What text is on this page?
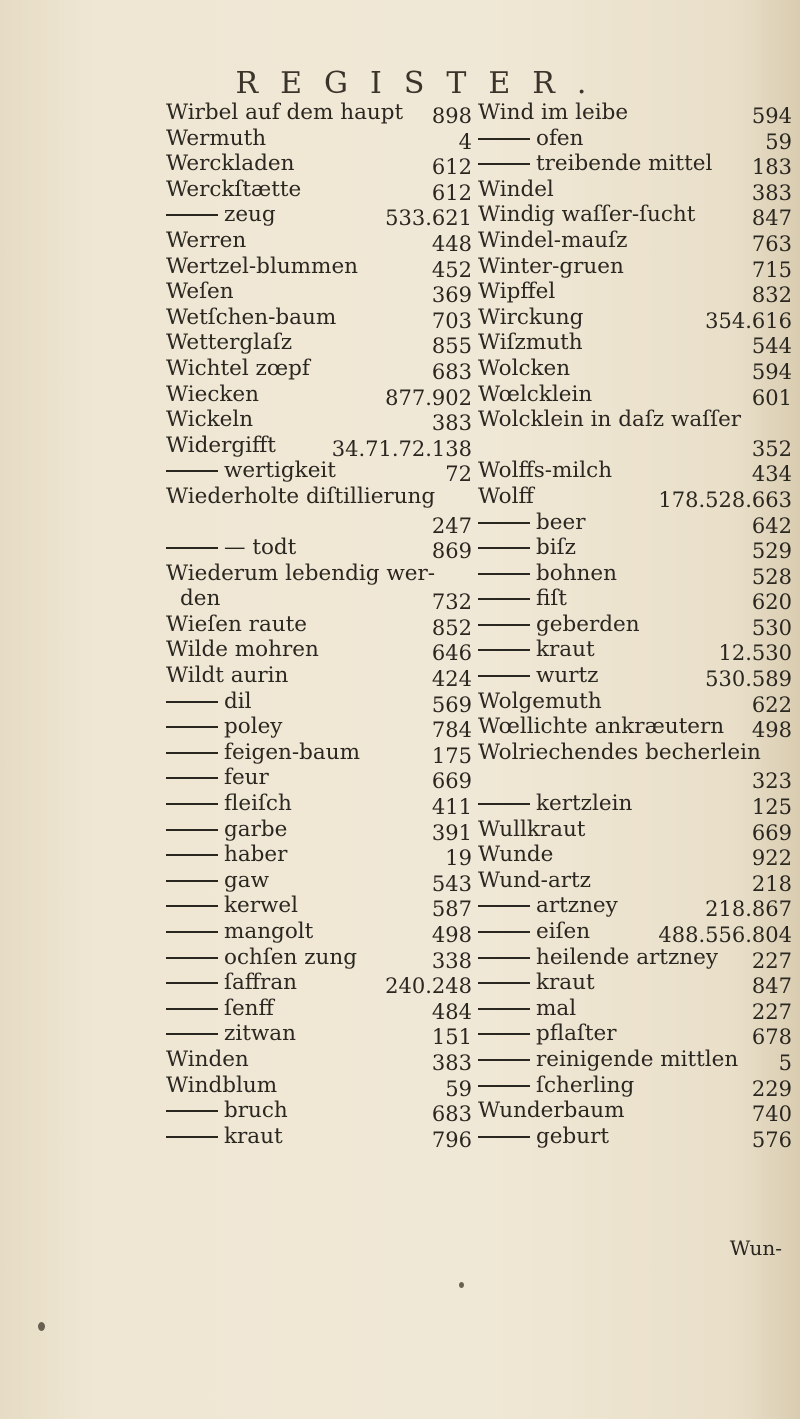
REGISTER.
Wirbel auf dem haupt 898
Wermuth	4
Werckladen	612
Werckſtætte	612
zeug	533.621
Werren	448
Wertzel-blummen	452
Weſen	369
Wetſchen-baum	703
Wetterglaſz	855
Wichtel zœpf	683
Wiecken	877.902
Wickeln	383
Widergifft	34.71.72.138
wertigkeit	72
Wiederholte diſtillierung
247
— todt	869
Wiederum lebendig wer-
den	732
Wieſen raute	852
Wilde mohren	646
Wildt aurin	424
dil	569
poley	784
feigen-baum	175
feur	669
fleiſch	411
garbe	391
haber	19
gaw	543
kerwel	587
mangolt	498
ochſen zung	338
ſaffran	240.248
ſenff	484
zitwan	151
Winden	383
Windblum	59
bruch	683
kraut	796
Wind im leibe	594
ofen	59
treibende mittel 183
Windel	383
Windig waſſer-ſucht	847
Windel-mauſz	763
Winter-gruen	715
Wipffel	832
Wirckung	354.616
Wiſzmuth	544
Wolcken	594
Wœlcklein	601
Wolcklein in daſz waſſer
352
Wolffs-milch	434
Wolff	178.528.663
beer	642
biſz	529
bohnen	528
fiſt	620
geberden	530
kraut	12.530
wurtz	530.589
Wolgemuth	622
Wœllichte ankræutern 498
Wolriechendes becherlein
323
kertzlein	125
Wullkraut	669
Wunde	922
Wund-artz	218
artzney	218.867
eiſen	488.556.804
heilende artzney 227
kraut	847
mal	227
pflaſter	678
reinigende mittlen 5
ſcherling	229
Wunderbaum	740
geburt	576
Wun-
